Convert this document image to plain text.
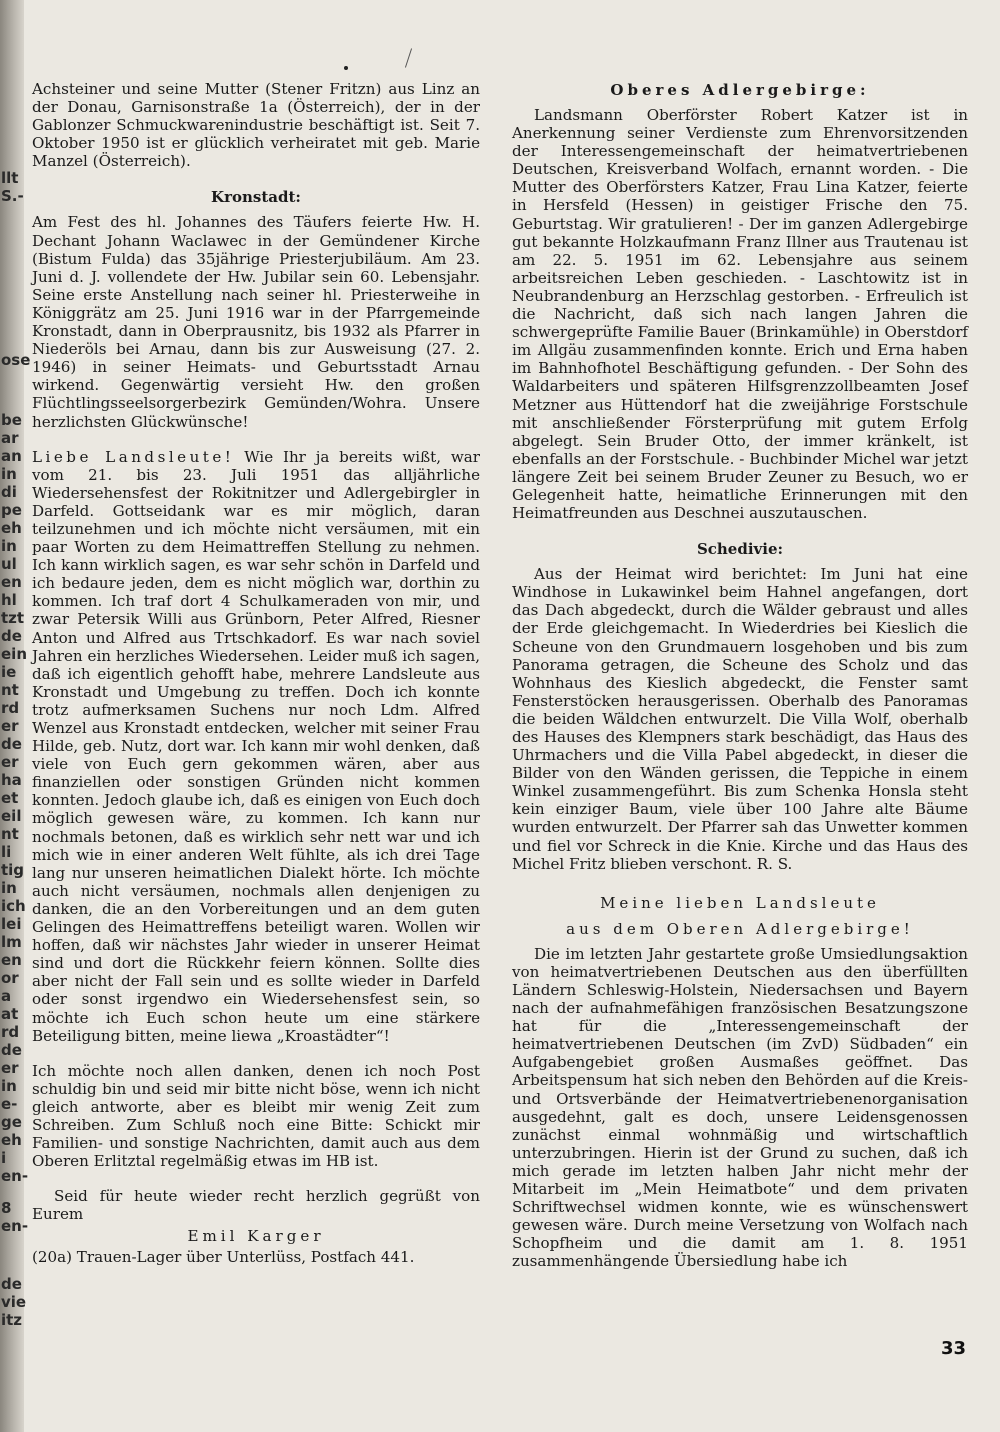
llt
S.-
ose
be
ar
an
in
di
pe
eh
in
ul
en
hl
tzt
de
ein
ie
nt
rd
er
de
er
ha
et
eil
nt
li
tig
in
ich
lei
lm
en
or
a
at
rd
de
er
in
e-
ge
eh
i
en-
8
en-
de
vie
itz

Achsteiner und seine Mutter (Stener Fritzn) aus Linz an der Donau, Garnisonstraße 1a (Österreich), der in der Gablonzer Schmuckwarenindustrie beschäftigt ist. Seit 7. Oktober 1950 ist er glücklich verheiratet mit geb. Marie Manzel (Österreich).

Kronstadt:

Am Fest des hl. Johannes des Täufers feierte Hw. H. Dechant Johann Waclawec in der Gemündener Kirche (Bistum Fulda) das 35jährige Priesterjubiläum. Am 23. Juni d. J. vollendete der Hw. Jubilar sein 60. Lebensjahr. Seine erste Anstellung nach seiner hl. Priesterweihe in Königgrätz am 25. Juni 1916 war in der Pfarrgemeinde Kronstadt, dann in Oberprausnitz, bis 1932 als Pfarrer in Niederöls bei Arnau, dann bis zur Ausweisung (27. 2. 1946) in seiner Heimats- und Geburtsstadt Arnau wirkend. Gegenwärtig versieht Hw. den großen Flüchtlingsseelsorgerbezirk Gemünden/Wohra. Unsere herzlichsten Glückwünsche!

Liebe Landsleute! Wie Ihr ja bereits wißt, war vom 21. bis 23. Juli 1951 das alljährliche Wiedersehensfest der Rokitnitzer und Adlergebirgler in Darfeld. Gottseidank war es mir möglich, daran teilzunehmen und ich möchte nicht versäumen, mit ein paar Worten zu dem Heimattreffen Stellung zu nehmen. Ich kann wirklich sagen, es war sehr schön in Darfeld und ich bedaure jeden, dem es nicht möglich war, dorthin zu kommen. Ich traf dort 4 Schulkameraden von mir, und zwar Petersik Willi aus Grünborn, Peter Alfred, Riesner Anton und Alfred aus Trtschkadorf. Es war nach soviel Jahren ein herzliches Wiedersehen. Leider muß ich sagen, daß ich eigentlich gehofft habe, mehrere Landsleute aus Kronstadt und Umgebung zu treffen. Doch ich konnte trotz aufmerksamen Suchens nur noch Ldm. Alfred Wenzel aus Kronstadt entdecken, welcher mit seiner Frau Hilde, geb. Nutz, dort war. Ich kann mir wohl denken, daß viele von Euch gern gekommen wären, aber aus finanziellen oder sonstigen Gründen nicht kommen konnten. Jedoch glaube ich, daß es einigen von Euch doch möglich gewesen wäre, zu kommen. Ich kann nur nochmals betonen, daß es wirklich sehr nett war und ich mich wie in einer anderen Welt fühlte, als ich drei Tage lang nur unseren heimatlichen Dialekt hörte. Ich möchte auch nicht versäumen, nochmals allen denjenigen zu danken, die an den Vorbereitungen und an dem guten Gelingen des Heimattreffens beteiligt waren. Wollen wir hoffen, daß wir nächstes Jahr wieder in unserer Heimat sind und dort die Rückkehr feiern können. Sollte dies aber nicht der Fall sein und es sollte wieder in Darfeld oder sonst irgendwo ein Wiedersehensfest sein, so möchte ich Euch schon heute um eine stärkere Beteiligung bitten, meine liewa „Kroastädter“!

Ich möchte noch allen danken, denen ich noch Post schuldig bin und seid mir bitte nicht böse, wenn ich nicht gleich antworte, aber es bleibt mir wenig Zeit zum Schreiben. Zum Schluß noch eine Bitte: Schickt mir Familien- und sonstige Nachrichten, damit auch aus dem Oberen Erlitztal regelmäßig etwas im HB ist.

Seid für heute wieder recht herzlich gegrüßt von Eurem

Emil Karger

(20a) Trauen-Lager über Unterlüss, Postfach 441.

Oberes Adlergebirge:

Landsmann Oberförster Robert Katzer ist in Anerkennung seiner Verdienste zum Ehrenvorsitzenden der Interessengemeinschaft der heimatvertriebenen Deutschen, Kreisverband Wolfach, ernannt worden. - Die Mutter des Oberförsters Katzer, Frau Lina Katzer, feierte in Hersfeld (Hessen) in geistiger Frische den 75. Geburtstag. Wir gratulieren! - Der im ganzen Adlergebirge gut bekannte Holzkaufmann Franz Illner aus Trautenau ist am 22. 5. 1951 im 62. Lebensjahre aus seinem arbeitsreichen Leben geschieden. - Laschtowitz ist in Neubrandenburg an Herzschlag gestorben. - Erfreulich ist die Nachricht, daß sich nach langen Jahren die schwergeprüfte Familie Bauer (Brinkamühle) in Oberstdorf im Allgäu zusammenfinden konnte. Erich und Erna haben im Bahnhofhotel Beschäftigung gefunden. - Der Sohn des Waldarbeiters und späteren Hilfsgrenzzollbeamten Josef Metzner aus Hüttendorf hat die zweijährige Forstschule mit anschließender Försterprüfung mit gutem Erfolg abgelegt. Sein Bruder Otto, der immer kränkelt, ist ebenfalls an der Forstschule. - Buchbinder Michel war jetzt längere Zeit bei seinem Bruder Zeuner zu Besuch, wo er Gelegenheit hatte, heimatliche Erinnerungen mit den Heimatfreunden aus Deschnei auszutauschen.

Schedivie:

Aus der Heimat wird berichtet: Im Juni hat eine Windhose in Lukawinkel beim Hahnel angefangen, dort das Dach abgedeckt, durch die Wälder gebraust und alles der Erde gleichgemacht. In Wiederdries bei Kieslich die Scheune von den Grundmauern losgehoben und bis zum Panorama getragen, die Scheune des Scholz und das Wohnhaus des Kieslich abgedeckt, die Fenster samt Fensterstöcken herausgerissen. Oberhalb des Panoramas die beiden Wäldchen entwurzelt. Die Villa Wolf, oberhalb des Hauses des Klempners stark beschädigt, das Haus des Uhrmachers und die Villa Pabel abgedeckt, in dieser die Bilder von den Wänden gerissen, die Teppiche in einem Winkel zusammengeführt. Bis zum Schenka Honsla steht kein einziger Baum, viele über 100 Jahre alte Bäume wurden entwurzelt. Der Pfarrer sah das Unwetter kommen und fiel vor Schreck in die Knie. Kirche und das Haus des Michel Fritz blieben verschont. R. S.

Meine lieben Landsleute
aus dem Oberen Adlergebirge!

Die im letzten Jahr gestartete große Umsiedlungsaktion von heimatvertriebenen Deutschen aus den überfüllten Ländern Schleswig-Holstein, Niedersachsen und Bayern nach der aufnahmefähigen französischen Besatzungszone hat für die „Interessengemeinschaft der heimatvertriebenen Deutschen (im ZvD) Südbaden“ ein Aufgabengebiet großen Ausmaßes geöffnet. Das Arbeitspensum hat sich neben den Behörden auf die Kreis- und Ortsverbände der Heimatvertriebenenorganisation ausgedehnt, galt es doch, unsere Leidensgenossen zunächst einmal wohnmäßig und wirtschaftlich unterzubringen. Hierin ist der Grund zu suchen, daß ich mich gerade im letzten halben Jahr nicht mehr der Mitarbeit im „Mein Heimatbote“ und dem privaten Schriftwechsel widmen konnte, wie es wünschenswert gewesen wäre. Durch meine Versetzung von Wolfach nach Schopfheim und die damit am 1. 8. 1951 zusammenhängende Übersiedlung habe ich

33
